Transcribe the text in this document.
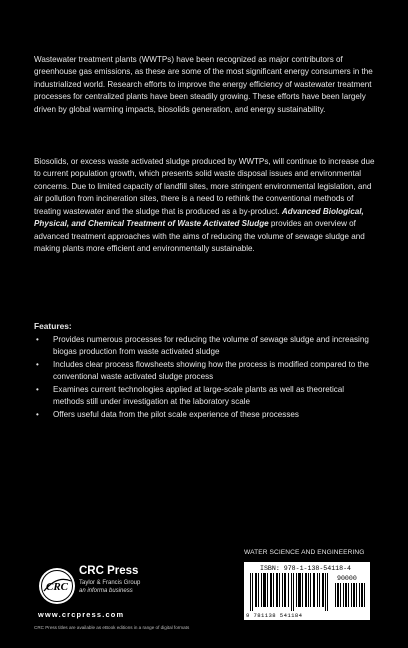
Wastewater treatment plants (WWTPs) have been recognized as major contributors of greenhouse gas emissions, as these are some of the most significant energy consumers in the industrialized world. Research efforts to improve the energy efficiency of wastewater treatment processes for centralized plants have been steadily growing. These efforts have been largely driven by global warming impacts, biosolids generation, and energy sustainability.

Biosolids, or excess waste activated sludge produced by WWTPs, will continue to increase due to current population growth, which presents solid waste disposal issues and environmental concerns. Due to limited capacity of landfill sites, more stringent environmental legislation, and air pollution from incineration sites, there is a need to rethink the conventional methods of treating wastewater and the sludge that is produced as a by-product. Advanced Biological, Physical, and Chemical Treatment of Waste Activated Sludge provides an overview of advanced treatment approaches with the aims of reducing the volume of sewage sludge and making plants more efficient and environmentally sustainable.

Features:

• Provides numerous processes for reducing the volume of sewage sludge and increasing biogas production from waste activated sludge
• Includes clear process flowsheets showing how the process is modified compared to the conventional waste activated sludge process
• Examines current technologies applied at large-scale plants as well as theoretical methods still under investigation at the laboratory scale
• Offers useful data from the pilot scale experience of these processes
WATER SCIENCE AND ENGINEERING
CRC
CRC Press
Taylor & Francis Group
an informa business
www.crcpress.com
CRC Press titles are available as eBook editions in a range of digital formats
ISBN: 978-1-138-54118-4
90000
9 781138 541184
